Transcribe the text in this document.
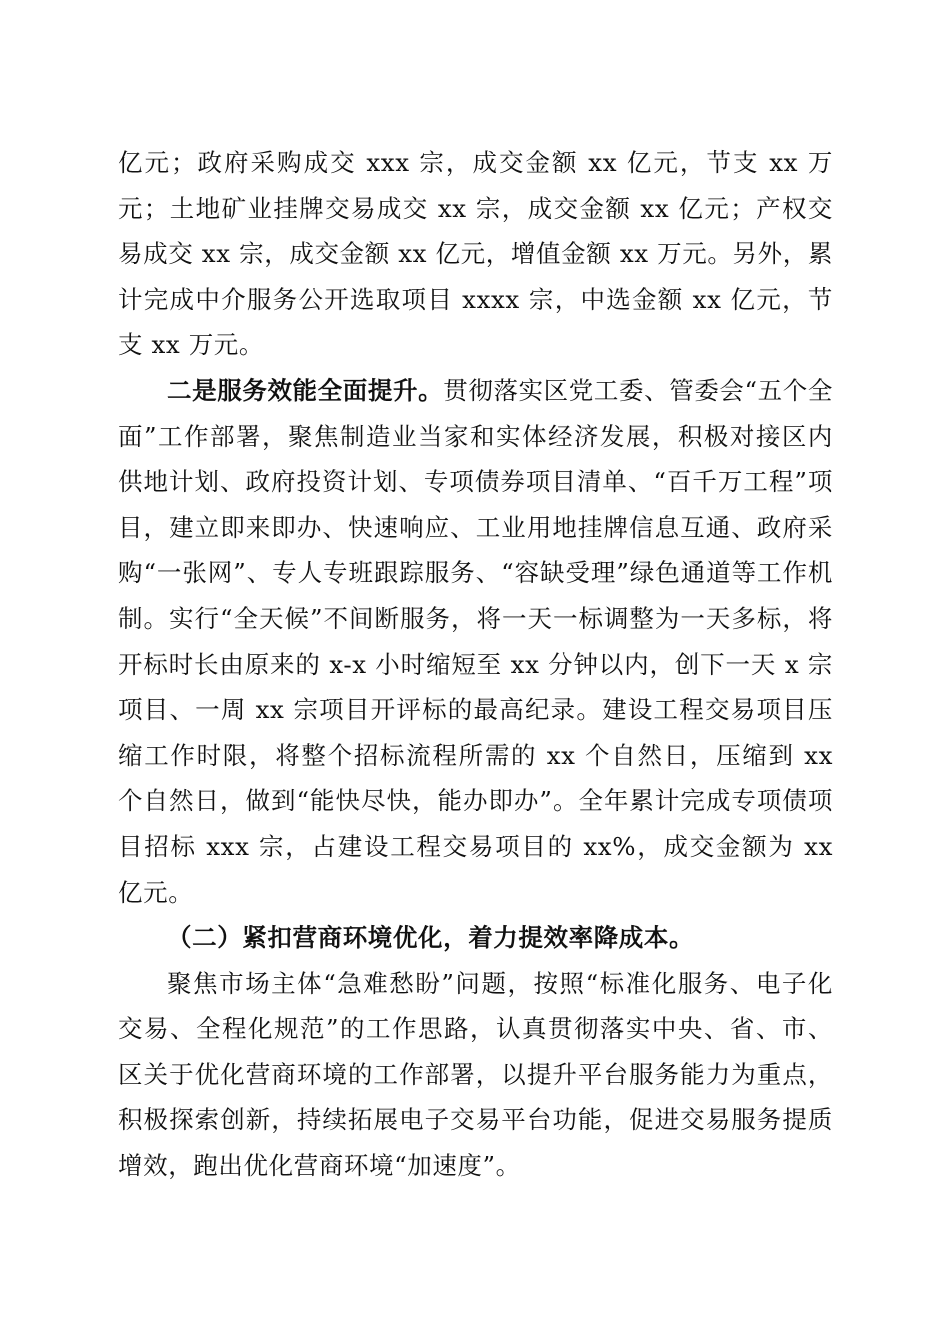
亿元；政府采购成交 xxx 宗，成交金额 xx 亿元，节支 xx 万元；土地矿业挂牌交易成交 xx 宗，成交金额 xx 亿元；产权交易成交 xx 宗，成交金额 xx 亿元，增值金额 xx 万元。另外，累计完成中介服务公开选取项目 xxxx 宗，中选金额 xx 亿元，节支 xx 万元。

二是服务效能全面提升。贯彻落实区党工委、管委会“五个全面”工作部署，聚焦制造业当家和实体经济发展，积极对接区内供地计划、政府投资计划、专项债券项目清单、“百千万工程”项目，建立即来即办、快速响应、工业用地挂牌信息互通、政府采购“一张网”、专人专班跟踪服务、“容缺受理”绿色通道等工作机制。实行“全天候”不间断服务，将一天一标调整为一天多标，将开标时长由原来的 x-x 小时缩短至 xx 分钟以内，创下一天 x 宗项目、一周 xx 宗项目开评标的最高纪录。建设工程交易项目压缩工作时限，将整个招标流程所需的 xx 个自然日，压缩到 xx 个自然日，做到“能快尽快，能办即办”。全年累计完成专项债项目招标 xxx 宗，占建设工程交易项目的 xx%，成交金额为 xx 亿元。

（二）紧扣营商环境优化，着力提效率降成本。

聚焦市场主体“急难愁盼”问题，按照“标准化服务、电子化交易、全程化规范”的工作思路，认真贯彻落实中央、省、市、区关于优化营商环境的工作部署，以提升平台服务能力为重点，积极探索创新，持续拓展电子交易平台功能，促进交易服务提质增效，跑出优化营商环境“加速度”。
